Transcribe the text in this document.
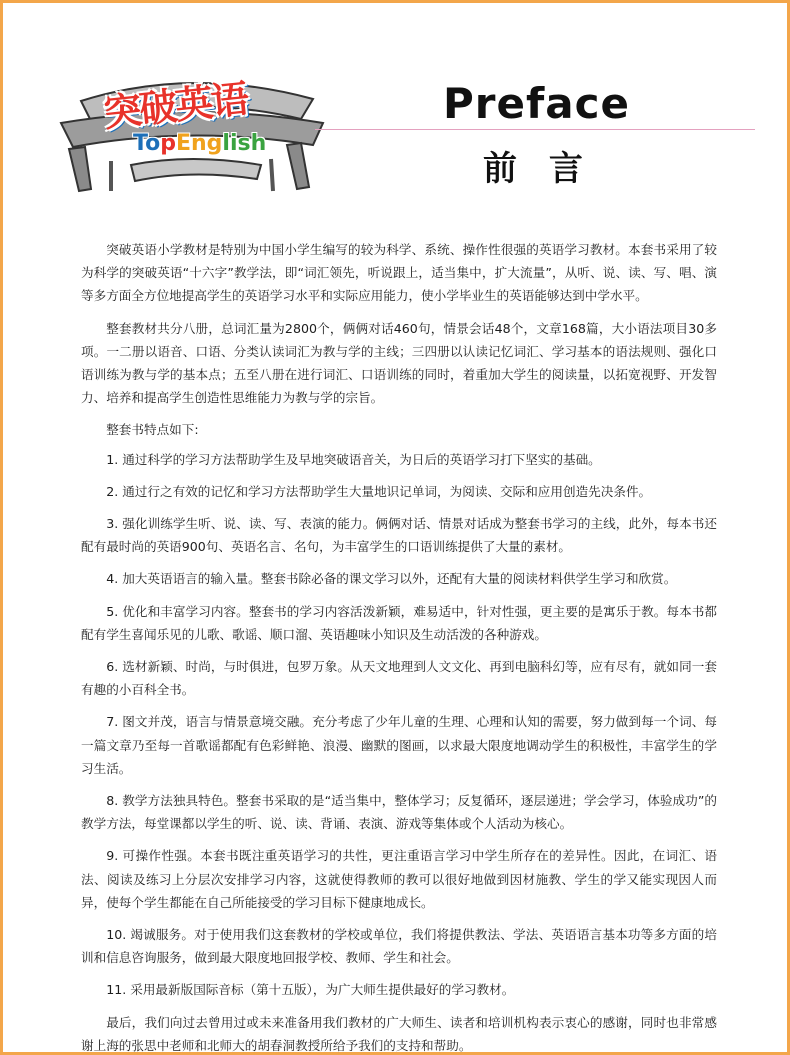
突破英语
TopEnglish
Preface
前 言

突破英语小学教材是特别为中国小学生编写的较为科学、系统、操作性很强的英语学习教材。本套书采用了较为科学的突破英语“十六字”教学法，即“词汇领先，听说跟上，适当集中，扩大流量”，从听、说、读、写、唱、演等多方面全方位地提高学生的英语学习水平和实际应用能力，使小学毕业生的英语能够达到中学水平。

整套教材共分八册，总词汇量为2800个，俩俩对话460句，情景会话48个，文章168篇，大小语法项目30多项。一二册以语音、口语、分类认读词汇为教与学的主线；三四册以认读记忆词汇、学习基本的语法规则、强化口语训练为教与学的基本点；五至八册在进行词汇、口语训练的同时，着重加大学生的阅读量，以拓宽视野、开发智力、培养和提高学生创造性思维能力为教与学的宗旨。

整套书特点如下:

1. 通过科学的学习方法帮助学生及早地突破语音关，为日后的英语学习打下坚实的基础。

2. 通过行之有效的记忆和学习方法帮助学生大量地识记单词，为阅读、交际和应用创造先决条件。

3. 强化训练学生听、说、读、写、表演的能力。俩俩对话、情景对话成为整套书学习的主线，此外，每本书还配有最时尚的英语900句、英语名言、名句，为丰富学生的口语训练提供了大量的素材。

4. 加大英语语言的输入量。整套书除必备的课文学习以外，还配有大量的阅读材料供学生学习和欣赏。

5. 优化和丰富学习内容。整套书的学习内容活泼新颖，难易适中，针对性强，更主要的是寓乐于教。每本书都配有学生喜闻乐见的儿歌、歌谣、顺口溜、英语趣味小知识及生动活泼的各种游戏。

6. 选材新颖、时尚，与时俱进，包罗万象。从天文地理到人文文化、再到电脑科幻等，应有尽有，就如同一套有趣的小百科全书。

7. 图文并茂，语言与情景意境交融。充分考虑了少年儿童的生理、心理和认知的需要，努力做到每一个词、每一篇文章乃至每一首歌谣都配有色彩鲜艳、浪漫、幽默的图画，以求最大限度地调动学生的积极性，丰富学生的学习生活。

8. 教学方法独具特色。整套书采取的是“适当集中，整体学习；反复循环，逐层递进；学会学习，体验成功”的教学方法，每堂课都以学生的听、说、读、背诵、表演、游戏等集体或个人活动为核心。

9. 可操作性强。本套书既注重英语学习的共性，更注重语言学习中学生所存在的差异性。因此，在词汇、语法、阅读及练习上分层次安排学习内容，这就使得教师的教可以很好地做到因材施教、学生的学又能实现因人而异，使每个学生都能在自己所能接受的学习目标下健康地成长。

10. 竭诚服务。对于使用我们这套教材的学校或单位，我们将提供教法、学法、英语语言基本功等多方面的培训和信息咨询服务，做到最大限度地回报学校、教师、学生和社会。

11. 采用最新版国际音标（第十五版），为广大师生提供最好的学习教材。

最后，我们向过去曾用过或未来准备用我们教材的广大师生、读者和培训机构表示衷心的感谢，同时也非常感谢上海的张思中老师和北师大的胡春洞教授所给予我们的支持和帮助。
